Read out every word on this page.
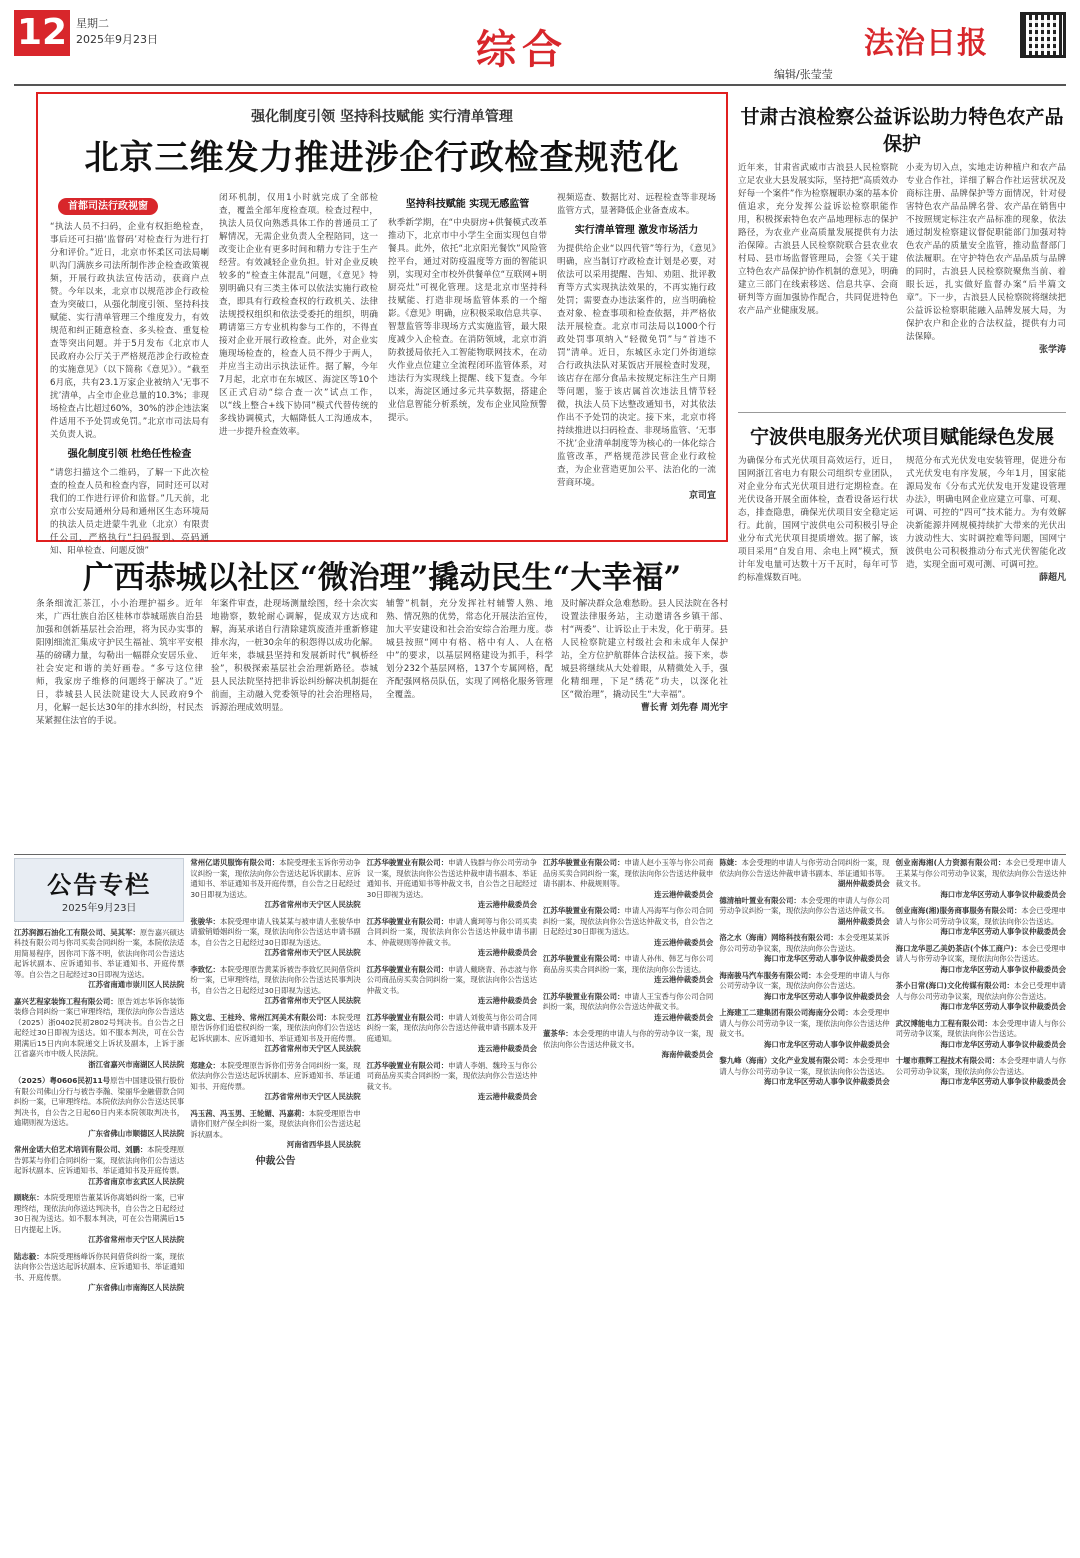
12 星期二
2025年9月23日	综合
编辑/张莹莹
法治日报
强化制度引领 坚持科技赋能 实行清单管理
北京三维发力推进涉企行政检查规范化
首都司法行政视窗

“执法人员不扫码，企业有权拒绝检查，事后还可扫描‘监督码’对检查行为进行打分和评价。”近日，北京市怀柔区司法局喇叭沟门满族乡司法所制作涉企检查政策视频，开展行政执法宣传活动，获商户点赞。今年以来，北京市以规范涉企行政检查为突破口，从强化制度引领、坚持科技赋能、实行清单管理三个维度发力，有效规范和纠正随意检查、多头检查、重复检查等突出问题。并于5月发布《北京市人民政府办公厅关于严格规范涉企行政检查的实施意见》（以下简称《意见》）。“截至6月底，共有23.1万家企业被纳入‘无事不扰’清单，占全市企业总量的10.3%；非现场检查占比超过60%，30%的涉企违法案件适用不予处罚或免罚。”北京市司法局有关负责人说。

强化制度引领 杜绝任性检查

“请您扫描这个二维码，了解一下此次检查的检查人员和检查内容，同时还可以对我们的工作进行评价和监督。”几天前，北京市公安局通州分局和通州区生态环境局的执法人员走进蒙牛乳业（北京）有限责任公司，严格执行“扫码报到、亮码通知、阳单检查、问题反馈”

闭环机制，仅用1小时就完成了全部检查，覆盖全部年度检查项。检查过程中，执法人员仅向熟悉具体工作的普通员工了解情况，无需企业负责人全程陪同，这一改变让企业有更多时间和精力专注于生产经营。有效减轻企业负担。针对企业反映较多的“检查主体混乱”问题，《意见》特别明确只有三类主体可以依法实施行政检查，即具有行政检查权的行政机关、法律法规授权组织和依法受委托的组织，明确聘请第三方专业机构参与工作的，不得直接对企业开展行政检查。此外，对企业实施现场检查的，检查人员不得少于两人，并应当主动出示执法证件。据了解，今年7月起，北京市在东城区、海淀区等10个区正式启动“综合查一次”试点工作，以“线上整合+线下协同”模式代替传统的多线协调模式，大幅降低人工沟通成本，进一步提升检查效率。

坚持科技赋能 实现无感监管

秋季新学期，在“中央厨房+供餐模式改革推动下，北京市中小学生全面实现包自带餐具。此外，依托“北京阳光餐饮”风险管控平台，通过对防疫温度等方面的智能识别，实现对全市校外供餐单位“互联网+明厨亮灶”可视化管理。这是北京市坚持科技赋能、打造非现场监管体系的一个缩影。《意见》明确，应积极采取信息共享、智慧监管等非现场方式实施监管，最大限度减少入企检查。在消防领域，北京市消防救援局依托入工智能物联网技术，在动火作业点位建立全流程闭环监管体系，对违法行为实现线上提醒、线下复查。今年以来，海淀区通过多元共享数据，搭建企业信息智能分析系统，发布企业风险预警提示。

视频巡查、数据比对、远程检查等非现场监管方式，显著降低企业备查成本。

实行清单管理 激发市场活力

为提供给企业“以四代管”等行为，《意见》明确，应当制订疗政检查计划是必要，对依法可以采用提醒、告知、劝阻、批评教育等方式实现执法效果的，不再实施行政处罚；需要查办违法案件的，应当明确检查对象、检查事项和检查依据，并严格依法开展检查。北京市司法局以1000个行政处罚事项纳入“轻微免罚”与“首违不罚”清单。近日，东城区永定门外街道综合行政执法队对某饭店开展检查时发现，该店存在部分食品未按规定标注生产日期等问题，鉴于该店属首次违法且情节轻微，执法人员下达整改通知书，对其依法作出不予处罚的决定。接下来，北京市将持续推进以扫码检查、非现场监管、‘无事不扰’企业清单制度等为核心的一体化综合监管改革，严格规范涉民营企业行政检查，为企业营造更加公平、法治化的一流营商环境。

京司宣
甘肃古浪检察公益诉讼助力特色农产品保护
近年来，甘肃省武威市古浪县人民检察院立足农业大县发展实际，坚持把“高质效办好每一个案件”作为检察履职办案的基本价值追求，充分发挥公益诉讼检察职能作用，积极探索特色农产品地理标志的保护路径，为农业产业高质量发展提供有力法治保障。古浪县人民检察院联合县农业农村局、县市场监督管理局，会签《关于建立特色农产品保护协作机制的意见》，明确建立三部门在线索移送、信息共享、会商研判等方面加强协作配合，共同促进特色农产品产业健康发展。

小麦为切入点，实地走访种植户和农产品专业合作社，详细了解合作社运营状况及商标注册、品牌保护等方面情况，针对侵害特色农产品品牌名誉、农产品在销售中不按照规定标注农产品标准的现象，依法通过制发检察建议督促职能部门加强对特色农产品的质量安全监管，推动监督部门依法履职。在守护特色农产品品质与品牌的同时，古浪县人民检察院聚焦当前、着眼长远，扎实做好监督办案“后半篇文章”。下一步，古浪县人民检察院将继续把公益诉讼检察职能融入品牌发展大局，为保护农户和企业的合法权益，提供有力司法保障。

张学涛
宁波供电服务光伏项目赋能绿色发展
为确保分布式光伏项目高效运行，近日，国网浙江省电力有限公司组织专业团队，对企业分布式光伏项目进行定期检查。在光伏设备开展全面体检，查看设备运行状态，排查隐患，确保光伏项目安全稳定运行。此前，国网宁波供电公司积极引导企业分布式光伏项目提质增效。据了解，该项目采用“自发自用、余电上网”模式，预计年发电量可达数十万千瓦时，每年可节约标准煤数百吨。

规范分布式光伏发电安装管理，促进分布式光伏发电有序发展，今年1月，国家能源局发布《分布式光伏发电开发建设管理办法》，明确电网企业应建立可靠、可观、可调、可控的“四可”技术能力。为有效解决新能源并网规模持续扩大带来的光伏出力波动性大、实时调控难等问题，国网宁波供电公司积极推动分布式光伏智能化改造，实现全面可观可测、可调可控。

薛超凡
广西恭城以社区“微治理”撬动民生“大幸福”
条条细流汇茶江，小小治理护福乡。近年来，广西壮族自治区桂林市恭城瑶族自治县加强和创新基层社会治理，将为民办实事的阳刚细流汇集成守护民生福祉、筑牢平安根基的磅礴力量，勾勒出一幅群众安居乐业、社会安定和谐的美好画卷。“多亏这位律师，我家房子维修的问题终于解决了。”近日，恭城县人民法院建设大人民政府9个月，化解一起长达30年的排水纠纷，村民杰某紧握住法官的手说。
年案件审查，赴现场测量绘图，经十余次实地勘察，数轮耐心调解，促成双方达成和解，海某承诺自行清除建筑废渣并重新修建排水沟，一桩30余年的积怨得以成功化解。近年来，恭城县坚持和发展新时代“枫桥经验”，积极探索基层社会治理新路径。恭城县人民法院坚持把非诉讼纠纷解决机制挺在前面，主动融入党委领导的社会治理格局，诉源治理成效明显。
辅警”机制，充分发挥社村辅警人熟、地熟、情况熟的优势，常态化开展法治宣传，加大平安建设和社会治安综合治理力度。恭城县按照“网中有格、格中有人、人在格中”的要求，以基层网格建设为抓手，科学划分232个基层网格，137个专属网格，配齐配强网格员队伍，实现了网格化服务管理全覆盖。

及时解决群众急难愁盼。县人民法院在各村设置法律服务站，主动邀请各乡镇干部、村“两委”、让诉讼止于未发，化于萌芽。县人民检察院建立村级社会和未成年人保护站，全方位护航群体合法权益。接下来，恭城县将继续从大处着眼，从精微处入手，强化精细理，下足“绣花”功夫，以深化社区“微治理”，撬动民生“大幸福”。

曹长青 刘先春 周光宇
公告专栏
2025年9月23日

江苏润源石油化工有限公司、吴其军：原告嘉兴硕达科技有限公司与你司买卖合同纠纷一案，本院依法适用简易程序，因你司下落不明，依法向你司公告送达起诉状副本、应诉通知书、举证通知书、开庭传票等。自公告之日起经过30日即视为送达。

江苏省南通市崇川区人民法院

嘉兴艺程家装饰工程有限公司：原告刘志华诉你装饰装修合同纠纷一案已审理终结，现依法向你公告送达（2025）浙0402民初2802号判决书。自公告之日起经过30日即视为送达。如不服本判决，可在公告期满后15日内向本院递交上诉状及副本，上诉于浙江省嘉兴市中级人民法院。

浙江省嘉兴市南湖区人民法院

（2025）粤0606民初11号原告中国建设银行股份有限公司佛山分行与被告李瀚、梁丽华金融借款合同纠纷一案，已审理终结。本院依法向你公告送达民事判决书，自公告之日起60日内来本院领取判决书，逾期则视为送达。

广东省佛山市顺德区人民法院

常州金诺大伯艺术培训有限公司、刘鹏：本院受理原告郭某与你们合同纠纷一案，现依法向你们公告送达起诉状副本、应诉通知书、举证通知书及开庭传票。

江苏省南京市玄武区人民法院

顾晓东：本院受理原告董某诉你离婚纠纷一案，已审理终结，现依法向你送达判决书，自公告之日起经过30日视为送达。如不服本判决，可在公告期满后15日内提起上诉。

江苏省常州市天宁区人民法院

陆志毅：本院受理杨峰诉你民间借贷纠纷一案，现依法向你公告送达起诉状副本、应诉通知书、举证通知书、开庭传票。

广东省佛山市南海区人民法院

常州亿诺贝服饰有限公司：本院受理张玉诉你劳动争议纠纷一案，现依法向你公告送达起诉状副本、应诉通知书、举证通知书及开庭传票，自公告之日起经过30日即视为送达。

江苏省常州市天宁区人民法院

张骏华：本院受理申请人钱某某与被申请人张骏华申请撤销婚姻纠纷一案，现依法向你公告送达申请书副本，自公告之日起经过30日即视为送达。

江苏省常州市天宁区人民法院

李致忆：本院受理原告黄某诉被告李致忆民间借贷纠纷一案，已审理终结，现依法向你公告送达民事判决书，自公告之日起经过30日即视为送达。

江苏省常州市天宁区人民法院

陈文忠、王桂玲、常州江河美术有限公司：本院受理原告诉你们追偿权纠纷一案，现依法向你们公告送达起诉状副本、应诉通知书、举证通知书及开庭传票。

江苏省常州市天宁区人民法院

郑建众：本院受理原告诉你们劳务合同纠纷一案，现依法向你公告送达起诉状副本、应诉通知书、举证通知书、开庭传票。

江苏省常州市天宁区人民法院

冯玉茜、冯玉男、王轮媚、冯嘉莉：本院受理原告申请你们财产保全纠纷一案，现依法向你们公告送达起诉状副本。

河南省西华县人民法院
仲裁公告

江苏华骏置业有限公司：申请人钱群与你公司劳动争议一案，现依法向你公告送达仲裁申请书副本、举证通知书、开庭通知书等仲裁文书，自公告之日起经过30日即视为送达。

连云港仲裁委员会

江苏华骏置业有限公司：申请人冀珂等与你公司买卖合同纠纷一案，现依法向你公告送达仲裁申请书副本、仲裁规则等仲裁文书。

连云港仲裁委员会

江苏华骏置业有限公司：申请人戴晓青、孙志波与你公司商品房买卖合同纠纷一案，现依法向你公告送达仲裁文书。

连云港仲裁委员会

江苏华骏置业有限公司：申请人刘俊英与你公司合同纠纷一案，现依法向你公告送达仲裁申请书副本及开庭通知。

连云港仲裁委员会

江苏华骏置业有限公司：申请人李娟、魏玲玉与你公司商品房买卖合同纠纷一案，现依法向你公告送达仲裁文书。

连云港仲裁委员会

江苏华骏置业有限公司：申请人赵小玉等与你公司商品房买卖合同纠纷一案，现依法向你公告送达仲裁申请书副本、仲裁规则等。

连云港仲裁委员会

江苏华骏置业有限公司：申请人冯海军与你公司合同纠纷一案，现依法向你公告送达仲裁文书，自公告之日起经过30日即视为送达。

连云港仲裁委员会

江苏华骏置业有限公司：申请人孙伟、韩艺与你公司商品房买卖合同纠纷一案，现依法向你公告送达。

连云港仲裁委员会

江苏华骏置业有限公司：申请人王宝香与你公司合同纠纷一案，现依法向你公告送达仲裁文书。

连云港仲裁委员会

董茶华：本会受理的申请人与你的劳动争议一案，现依法向你公告送达仲裁文书。

海南仲裁委员会

陈婕：本会受理的申请人与你劳动合同纠纷一案，现依法向你公告送达仲裁申请书副本、举证通知书等。

湖州仲裁委员会

德清柚叶置业有限公司：本会受理的申请人与你公司劳动争议纠纷一案，现依法向你公告送达仲裁文书。

湖州仲裁委员会

洛之水（海南）网络科技有限公司：本会受理某某诉你公司劳动争议案，现依法向你公告送达。

海口市龙华区劳动人事争议仲裁委员会

海南骏马汽车服务有限公司：本会受理的申请人与你公司劳动争议一案，现依法向你公告送达。

海口市龙华区劳动人事争议仲裁委员会

上海建工二建集团有限公司海南分公司：本会受理申请人与你公司劳动争议一案，现依法向你公告送达仲裁文书。

海口市龙华区劳动人事争议仲裁委员会

黎九峰（海南）文化产业发展有限公司：本会受理申请人与你公司劳动争议一案，现依法向你公告送达。

海口市龙华区劳动人事争议仲裁委员会

创业南海湘(人力资源有限公司：本会已受理申请人王某某与你公司劳动争议案，现依法向你公告送达仲裁文书。

海口市龙华区劳动人事争议仲裁委员会

创业南海(湘)服务商事服务有限公司：本会已受理申请人与你公司劳动争议案，现依法向你公告送达。

海口市龙华区劳动人事争议仲裁委员会

海口龙华思乙美奶茶店(个体工商户)：本会已受理申请人与你劳动争议案，现依法向你公告送达。

海口市龙华区劳动人事争议仲裁委员会

茶小日常(海口)文化传媒有限公司：本会已受理申请人与你公司劳动争议案，现依法向你公告送达。

海口市龙华区劳动人事争议仲裁委员会

武汉博能电力工程有限公司：本会受理申请人与你公司劳动争议案，现依法向你公告送达。

海口市龙华区劳动人事争议仲裁委员会

十堰市鼎辉工程技术有限公司：本会受理申请人与你公司劳动争议案，现依法向你公告送达。

海口市龙华区劳动人事争议仲裁委员会
